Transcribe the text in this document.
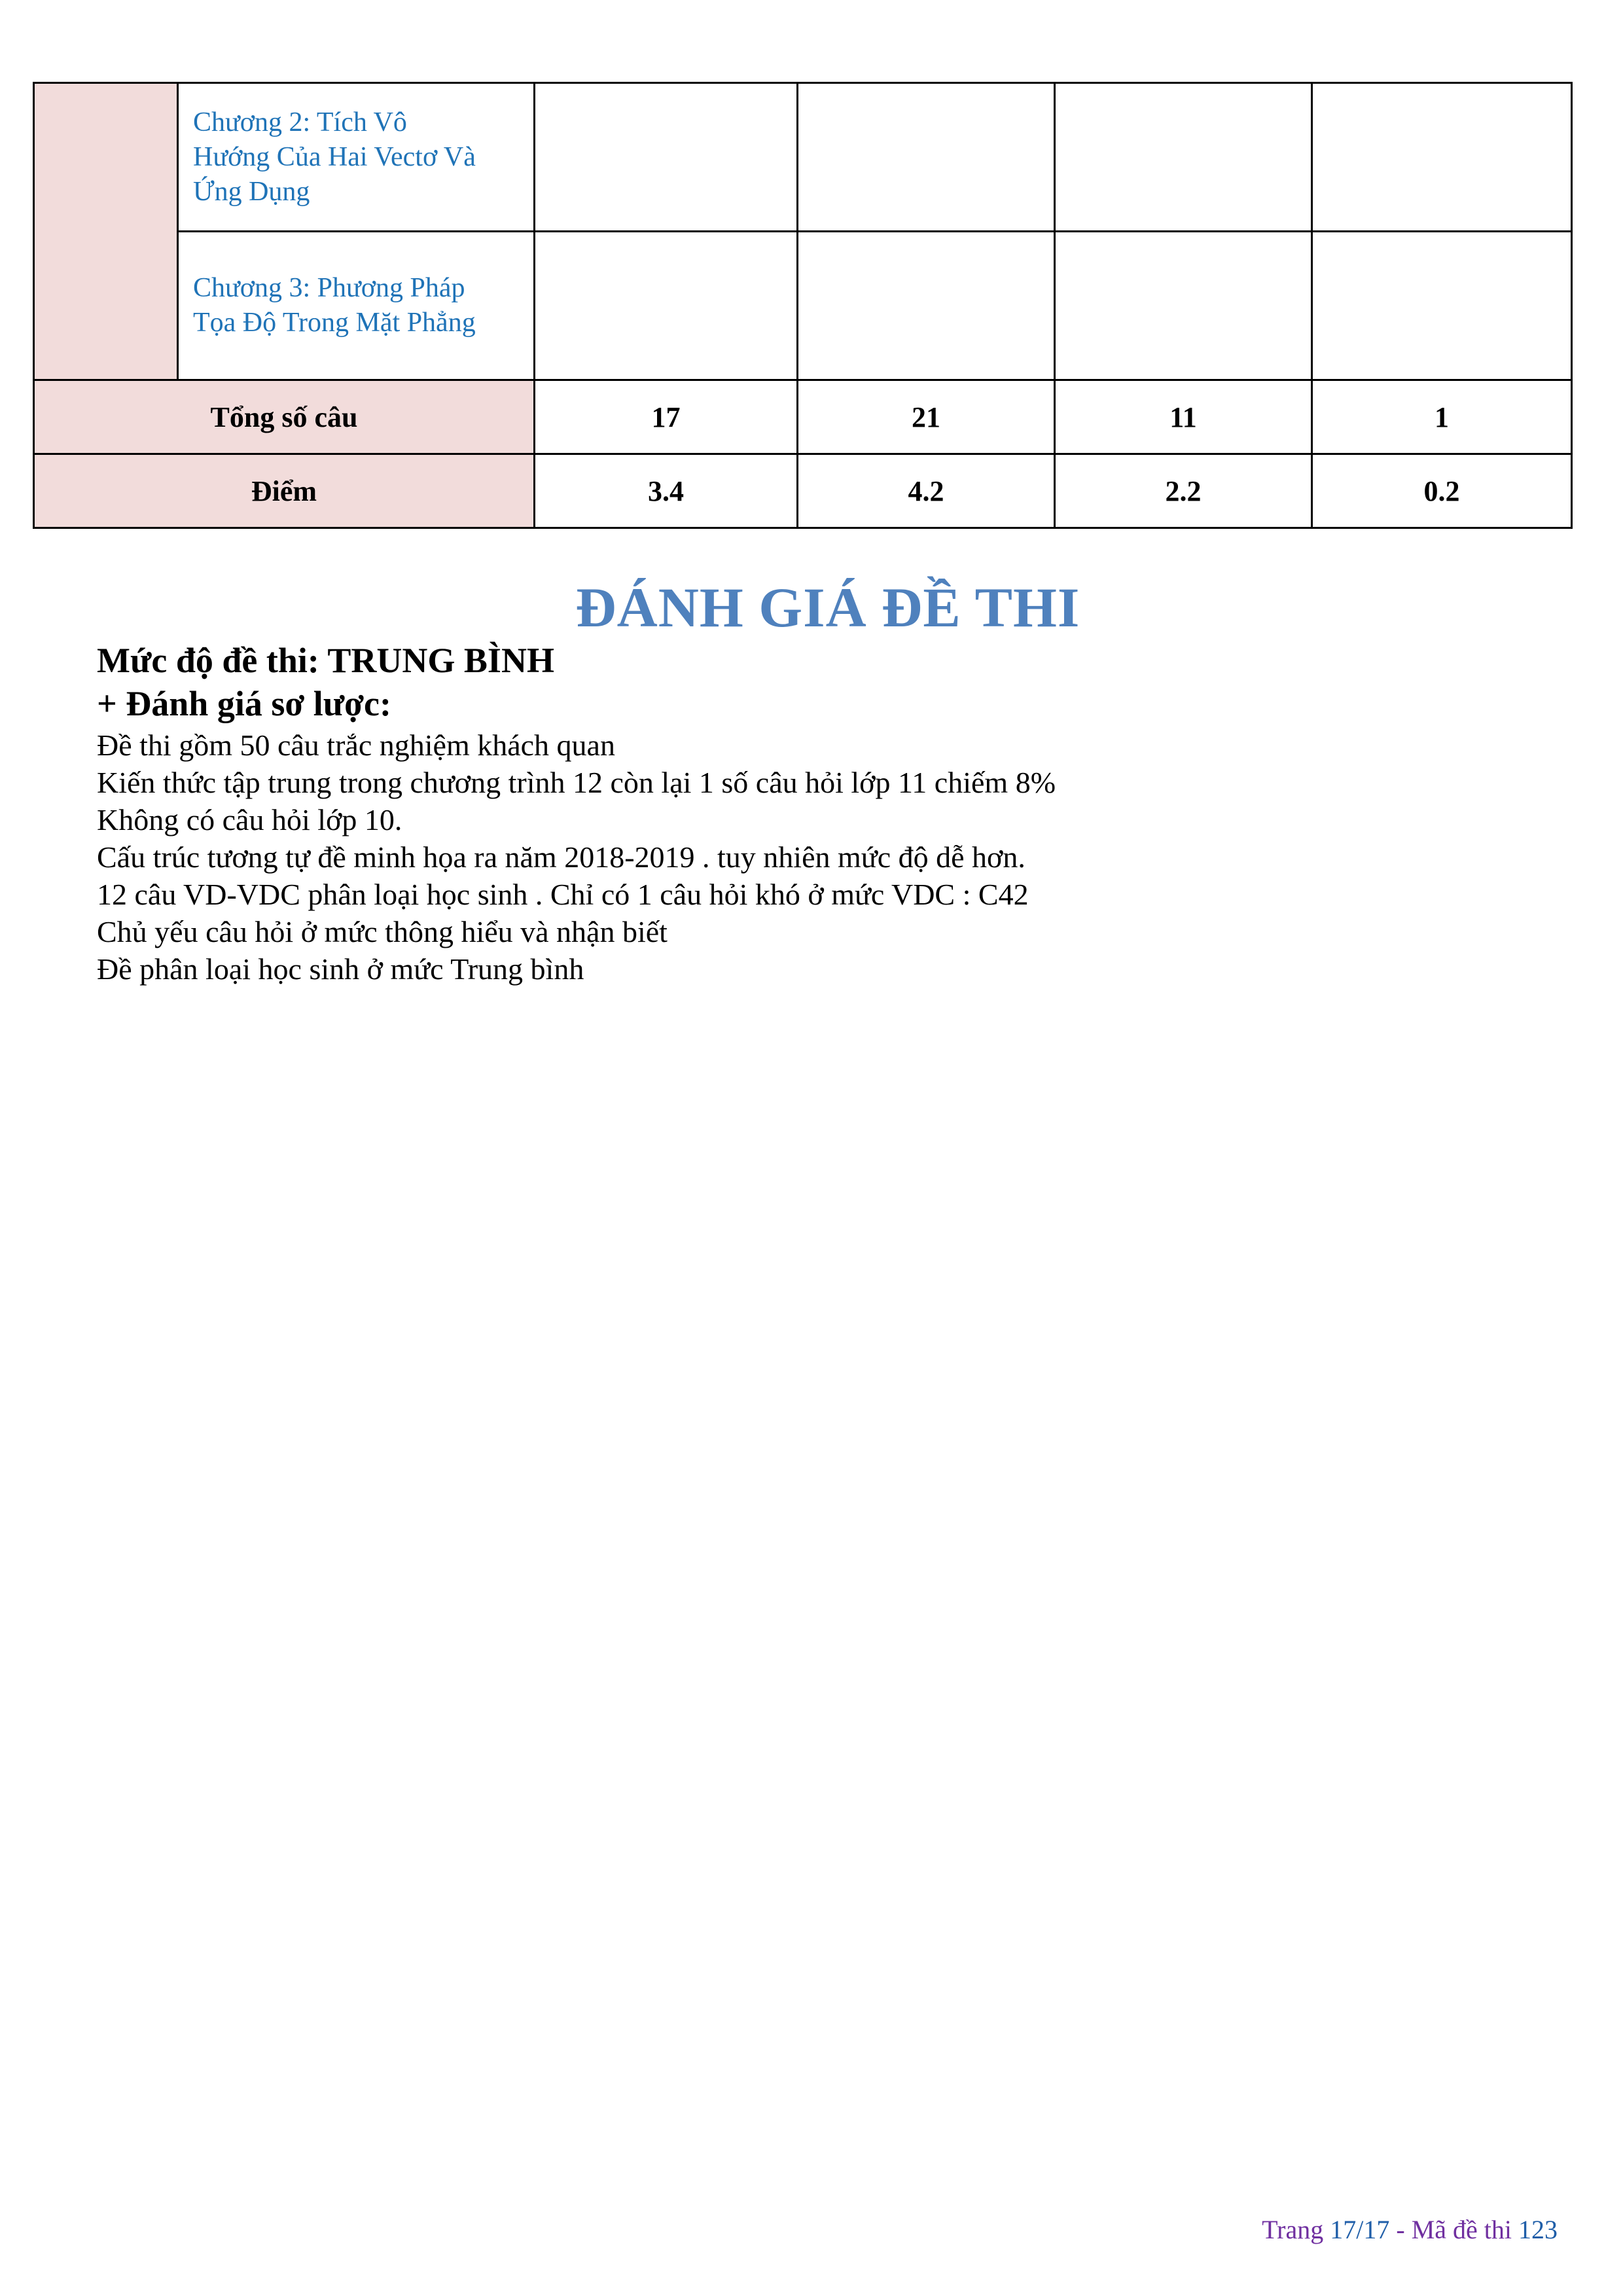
	Chương 2: Tích Vô
Hướng Của Hai Vectơ Và
Ứng Dụng				

	Chương 3: Phương Pháp
Tọa Độ Trong Mặt Phẳng				

Tổng số câu		17	21	11	1
Điểm		3.4	4.2	2.2	0.2
ĐÁNH GIÁ ĐỀ THI
Mức độ đề thi: TRUNG BÌNH
+ Đánh giá sơ lược:
Đề thi gồm 50 câu trắc nghiệm khách quan
Kiến thức tập trung trong chương trình 12 còn lại 1 số câu hỏi lớp 11 chiếm 8%
Không có câu hỏi lớp 10.
Cấu trúc tương tự đề minh họa ra năm 2018-2019 . tuy nhiên mức độ dễ hơn.
12 câu VD-VDC phân loại học sinh . Chỉ có 1 câu hỏi khó ở mức VDC : C42
Chủ yếu câu hỏi ở mức thông hiểu và nhận biết
Đề phân loại học sinh ở mức Trung bình
Trang 17/17 - Mã đề thi 123
